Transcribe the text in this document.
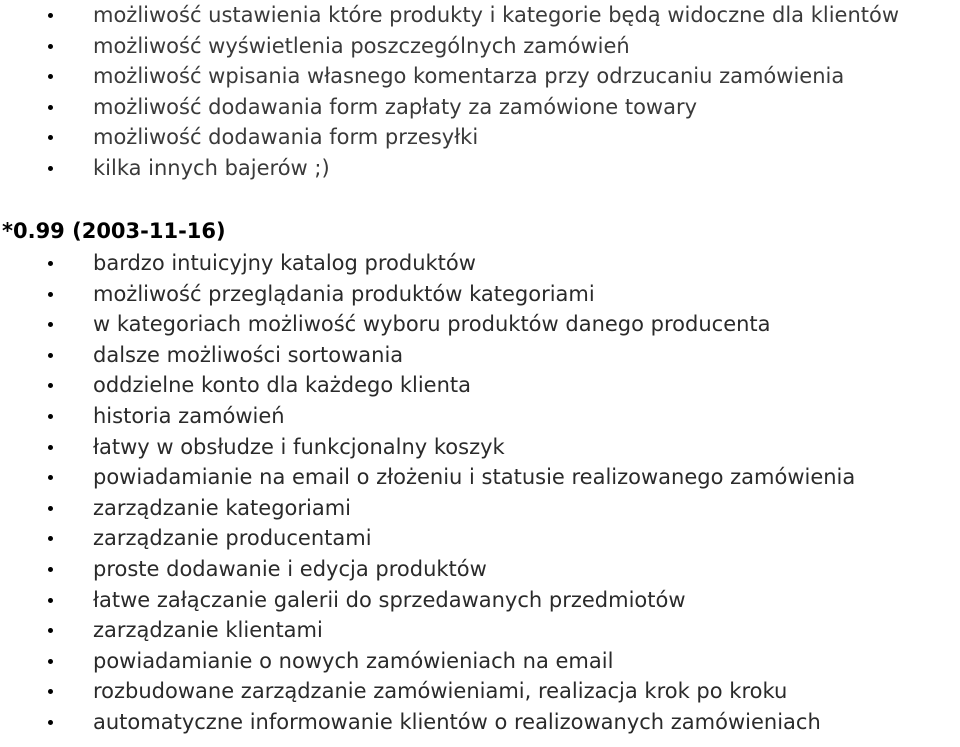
możliwość ustawienia które produkty i kategorie będą widoczne dla klientów
możliwość wyświetlenia poszczególnych zamówień
możliwość wpisania własnego komentarza przy odrzucaniu zamówienia
możliwość dodawania form zapłaty za zamówione towary
możliwość dodawania form przesyłki
kilka innych bajerów ;)
*0.99 (2003-11-16)
bardzo intuicyjny katalog produktów
możliwość przeglądania produktów kategoriami
w kategoriach możliwość wyboru produktów danego producenta
dalsze możliwości sortowania
oddzielne konto dla każdego klienta
historia zamówień
łatwy w obsłudze i funkcjonalny koszyk
powiadamianie na email o złożeniu i statusie realizowanego zamówienia
zarządzanie kategoriami
zarządzanie producentami
proste dodawanie i edycja produktów
łatwe załączanie galerii do sprzedawanych przedmiotów
zarządzanie klientami
powiadamianie o nowych zamówieniach na email
rozbudowane zarządzanie zamówieniami, realizacja krok po kroku
automatyczne informowanie klientów o realizowanych zamówieniach
